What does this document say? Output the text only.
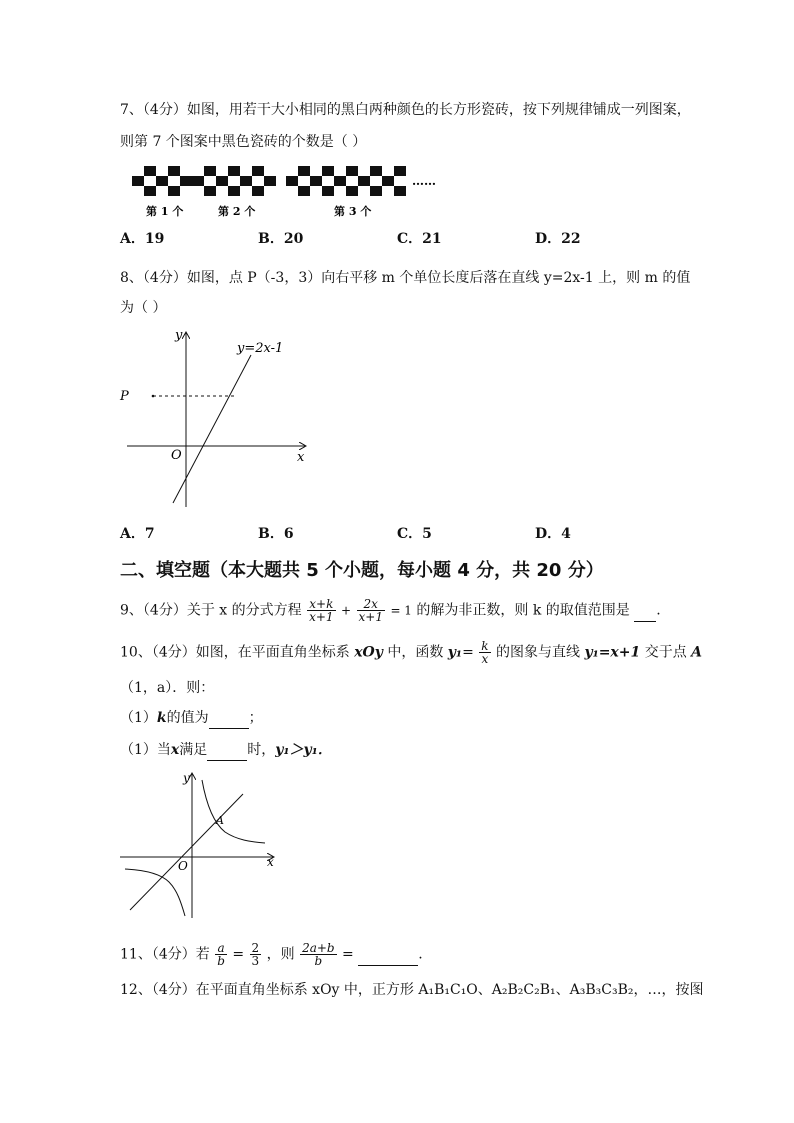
7、（4分）如图，用若干大小相同的黑白两种颜色的长方形瓷砖，按下列规律铺成一列图案，
则第 7 个图案中黑色瓷砖的个数是（ ）
第 1 个	第 2 个	第 3 个
……
A．19	B．20	C．21	D．22
8、（4分）如图，点 P（-3，3）向右平移 m 个单位长度后落在直线 y=2x-1 上，则 m 的值
为（ ）
y=2x-1
P
O	x
y
A．7	B．6	C．5	D．4
二、填空题（本大题共 5 个小题，每小题 4 分，共 20 分）
9、（4分）关于 x 的分式方程 $\frac{x+k}{x+1} + \frac{2x}{x+1} = 1$ 的解为非正数，则 k 的取值范围是 .
10、（4分）如图，在平面直角坐标系 xOy 中，函数 $y_1= \frac{k}{x}$ 的图象与直线 y₁=x+1 交于点 A
（1，a）．则：
（1）k的值为	；
（1）当x满足	时，y₁＞y₁．
A
O	x
y
11、（4分）若 $\frac{a}{b} = \frac{2}{3}$ ，则 $\frac{2a+b}{b}$ =	.
12、（4分）在平面直角坐标系 xOy 中，正方形 A₁B₁C₁O、A₂B₂C₂B₁、A₃B₃C₃B₂，…，按图
